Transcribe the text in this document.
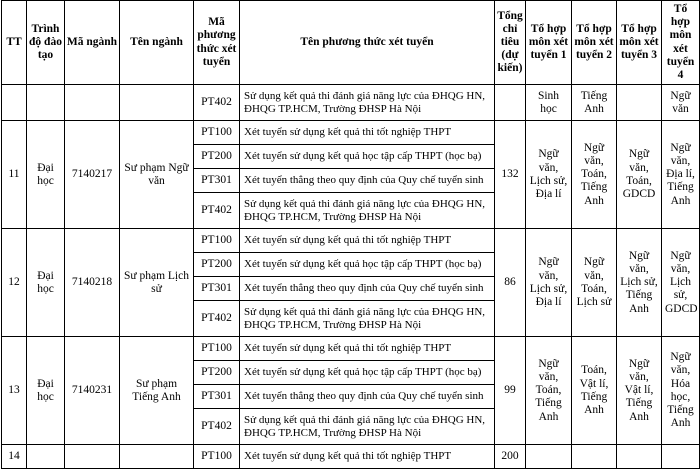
TT	Trình độ đào tạo	Mã ngành	Tên ngành	Mã phương thức xét tuyển	Tên phương thức xét tuyển	Tổng chỉ tiêu (dự kiến)	Tổ hợp môn xét tuyển 1	Tổ hợp môn xét tuyển 2	Tổ hợp môn xét tuyển 3	Tổ hợp môn xét tuyển 4
				PT402	Sử dụng kết quả thi đánh giá năng lực của ĐHQG HN, ĐHQG TP.HCM, Trường ĐHSP Hà Nội		Sinh học	Tiếng Anh		Ngữ văn
11	Đại học	7140217	Sư phạm Ngữ văn	PT100	Xét tuyển sử dụng kết quả thi tốt nghiệp THPT	132	Ngữ văn, Lịch sử, Địa lí	Ngữ văn, Toán, Tiếng Anh	Ngữ văn, Toán, GDCD	Ngữ văn, Địa lí, Tiếng Anh
				PT200	Xét tuyển sử dụng kết quả học tập cấp THPT (học bạ)					
				PT301	Xét tuyển thẳng theo quy định của Quy chế tuyển sinh					
				PT402	Sử dụng kết quả thi đánh giá năng lực của ĐHQG HN, ĐHQG TP.HCM, Trường ĐHSP Hà Nội					
12	Đại học	7140218	Sư phạm Lịch sử	PT100	Xét tuyển sử dụng kết quả thi tốt nghiệp THPT	86	Ngữ văn, Lịch sử, Địa lí	Ngữ văn, Toán, Lịch sử	Ngữ văn, Lịch sử, Tiếng Anh	Ngữ văn, Lịch sử, GDCD
				PT200	Xét tuyển sử dụng kết quả học tập cấp THPT (học bạ)					
				PT301	Xét tuyển thẳng theo quy định của Quy chế tuyển sinh					
				PT402	Sử dụng kết quả thi đánh giá năng lực của ĐHQG HN, ĐHQG TP.HCM, Trường ĐHSP Hà Nội					
13	Đại học	7140231	Sư phạm Tiếng Anh	PT100	Xét tuyển sử dụng kết quả thi tốt nghiệp THPT	99	Ngữ văn, Toán, Tiếng Anh	Toán, Vật lí, Tiếng Anh	Ngữ văn, Vật lí, Tiếng Anh	Ngữ văn, Hóa học, Tiếng Anh
				PT200	Xét tuyển sử dụng kết quả học tập cấp THPT (học bạ)					
				PT301	Xét tuyển thẳng theo quy định của Quy chế tuyển sinh					
				PT402	Sử dụng kết quả thi đánh giá năng lực của ĐHQG HN, ĐHQG TP.HCM, Trường ĐHSP Hà Nội					
14				PT100	Xét tuyển sử dụng kết quả thi tốt nghiệp THPT	200				
